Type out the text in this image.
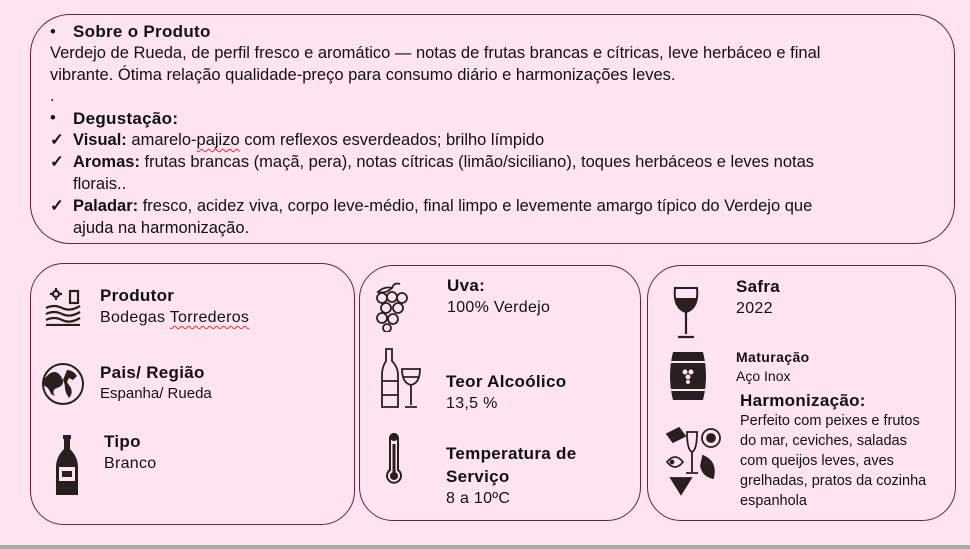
• Sobre o Produto
Verdejo de Rueda, de perfil fresco e aromático — notas de frutas brancas e cítricas, leve herbáceo e final
vibrante. Ótima relação qualidade-preço para consumo diário e harmonizações leves.
.
• Degustação:
✓ Visual: amarelo-pajizo com reflexos esverdeados; brilho límpido
✓ Aromas: frutas brancas (maçã, pera), notas cítricas (limão/siciliano), toques herbáceos e leves notas
florais..
✓ Paladar: fresco, acidez viva, corpo leve-médio, final limpo e levemente amargo típico do Verdejo que
ajuda na harmonização.
Produtor
Bodegas Torrederos
Pais/ Região
Espanha/ Rueda
Tipo
Branco
Uva:
100% Verdejo
Teor Alcoólico
13,5 %
Temperatura de
Serviço
8 a 10ºC
Safra
2022
Maturação
Aço Inox
Harmonização:
Perfeito com peixes e frutos
do mar, ceviches, saladas
com queijos leves, aves
grelhadas, pratos da cozinha
espanhola
